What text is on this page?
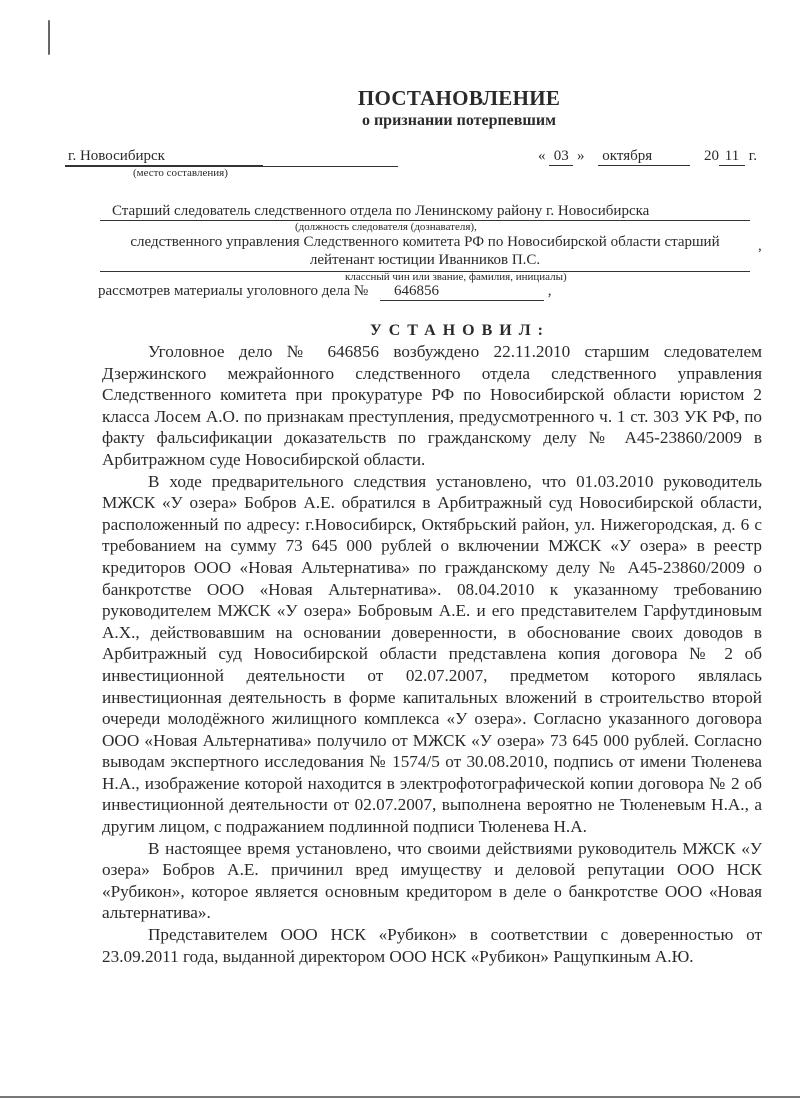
ПОСТАНОВЛЕНИЕ
о признании потерпевшим
г. Новосибирск
(место составления)
« 03 » октября	20 11 г.
Старший следователь следственного отдела по Ленинскому району г. Новосибирска
(должность следователя (дознавателя),
следственного управления Следственного комитета РФ по Новосибирской области старший лейтенант юстиции Иванников П.С.
,
классный чин или звание, фамилия, инициалы)
рассмотрев материалы уголовного дела № 646856	,
УСТАНОВИЛ:

Уголовное дело № 646856 возбуждено 22.11.2010 старшим следователем Дзержинского межрайонного следственного отдела следственного управления Следственного комитета при прокуратуре РФ по Новосибирской области юристом 2 класса Лосем А.О. по признакам преступления, предусмотренного ч. 1 ст. 303 УК РФ, по факту фальсификации доказательств по гражданскому делу № А45-23860/2009 в Арбитражном суде Новосибирской области.

В ходе предварительного следствия установлено, что 01.03.2010 руководитель МЖСК «У озера» Бобров А.Е. обратился в Арбитражный суд Новосибирской области, расположенный по адресу: г.Новосибирск, Октябрьский район, ул. Нижегородская, д. 6 с требованием на сумму 73 645 000 рублей о включении МЖСК «У озера» в реестр кредиторов ООО «Новая Альтернатива» по гражданскому делу № А45-23860/2009 о банкротстве ООО «Новая Альтернатива». 08.04.2010 к указанному требованию руководителем МЖСК «У озера» Бобровым А.Е. и его представителем Гарфутдиновым А.Х., действовавшим на основании доверенности, в обоснование своих доводов в Арбитражный суд Новосибирской области представлена копия договора № 2 об инвестиционной деятельности от 02.07.2007, предметом которого являлась инвестиционная деятельность в форме капитальных вложений в строительство второй очереди молодёжного жилищного комплекса «У озера». Согласно указанного договора ООО «Новая Альтернатива» получило от МЖСК «У озера» 73 645 000 рублей. Согласно выводам экспертного исследования № 1574/5 от 30.08.2010, подпись от имени Тюленева Н.А., изображение которой находится в электрофотографической копии договора № 2 об инвестиционной деятельности от 02.07.2007, выполнена вероятно не Тюленевым Н.А., а другим лицом, с подражанием подлинной подписи Тюленева Н.А.

В настоящее время установлено, что своими действиями руководитель МЖСК «У озера» Бобров А.Е. причинил вред имуществу и деловой репутации ООО НСК «Рубикон», которое является основным кредитором в деле о банкротстве ООО «Новая альтернатива».

Представителем ООО НСК «Рубикон» в соответствии с доверенностью от 23.09.2011 года, выданной директором ООО НСК «Рубикон» Ращупкиным А.Ю.
